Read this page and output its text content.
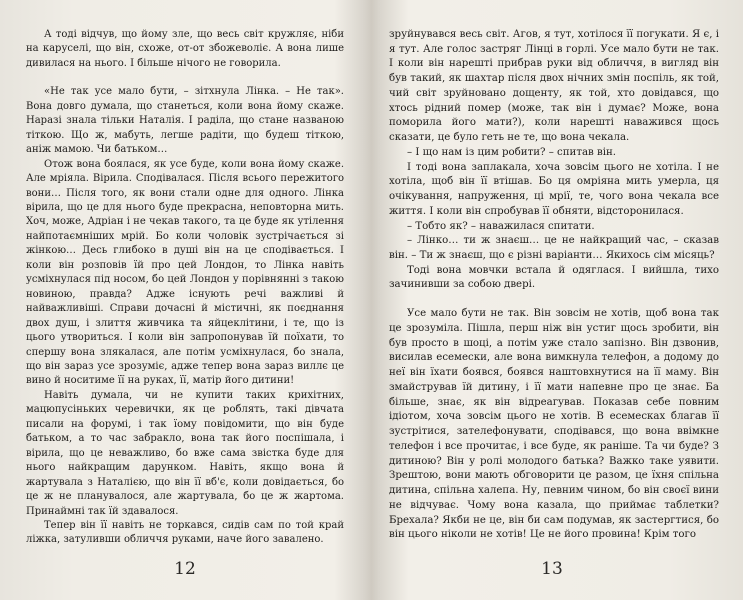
А тоді відчув, що йому зле, що весь світ кружляє, ніби на каруселі, що він, схоже, от-от збожеволіє. А вона лише дивилася на нього. І більше нічого не говорила.

«Не так усе мало бути, – зітхнула Лінка. – Не так». Вона довго думала, що станеться, коли вона йому скаже. Наразі знала тільки Наталія. І раділа, що стане названою тіткою. Що ж, мабуть, легше радіти, що будеш тіткою, аніж мамою. Чи батьком…

Отож вона боялася, як усе буде, коли вона йому скаже. Але мріяла. Вірила. Сподівалася. Після всього пережитого вони… Після того, як вони стали одне для одного. Лінка вірила, що це для нього буде прекрасна, неповторна мить. Хоч, може, Адріан і не чекав такого, та це буде як утілення найпотаємніших мрій. Бо коли чоловік зустрічається зі жінкою… Десь глибоко в душі він на це сподівається. І коли він розповів їй про цей Лондон, то Лінка навіть усміхнулася під носом, бо цей Лондон у порівнянні з такою новиною, правда? Адже існують речі важливі й найважливіші. Справи дочасні й містичні, як поєднання двох душ, і злиття живчика та яйцеклітини, і те, що із цього утвориться. І коли він запропонував їй поїхати, то спершу вона злякалася, але потім усміхнулася, бо знала, що він зараз усе зрозуміє, адже тепер вона зараз виллє це вино й носитиме її на руках, її, матір його дитини!

Навіть думала, чи не купити таких крихітних, мацюпусіньких черевички, як це роблять, такі дівчата писали на форумі, і так їому повідомити, що він буде батьком, а то час забракло, вона так його поспішала, і вірила, що це неважливо, бо вже сама звістка буде для нього найкращим дарунком. Навіть, якщо вона й жартувала з Наталією, що він її вб'є, коли довідається, бо це ж не планувалося, але жартувала, бо це ж жартома. Принаймні так їй здавалося.

Тепер він її навіть не торкався, сидів сам по той край ліжка, затуливши обличчя руками, наче його завалено.

12

зруйнувався весь світ. Агов, я тут, хотілося її погукати. Я є, і я тут. Але голос застряг Лінці в горлі. Усе мало бути не так. І коли він нарешті прибрав руки від обличчя, в вигляд він був такий, як шахтар після двох нічних змін поспіль, як той, чий світ зруйновано дощенту, як той, хто довідався, що хтось рідний помер (може, так він і думає? Може, вона поморила його мати?), коли нарешті наважився щось сказати, це було геть не те, що вона чекала.

– І що нам із цим робити? – спитав він.

І тоді вона заплакала, хоча зовсім цього не хотіла. І не хотіла, щоб він її втішав. Бо ця омріяна мить умерла, ця очікування, напруження, ці мрії, те, чого вона чекала все життя. І коли він спробував її обняти, відсторонилася.

– Тобто як? – наважилася спитати.

– Лінко… ти ж знаєш… це не найкращий час, – сказав він. – Ти ж знаєш, що є різні варіанти… Якихось сім місяць?

Тоді вона мовчки встала й одяглася. І вийшла, тихо зачинивши за собою двері.

Усе мало бути не так. Він зовсім не хотів, щоб вона так це зрозуміла. Пішла, перш ніж він устиг щось зробити, він був просто в шоці, а потім уже стало запізно. Він дзвонив, висилав есемески, але вона вимкнула телефон, а додому до неї він їхати боявся, боявся наштовхнутися на її маму. Він змайстрував їй дитину, і її мати напевне про це знає. Ба більше, знає, як він відреагував. Показав себе повним ідіотом, хоча зовсім цього не хотів. В есемесках благав її зустрітися, зателефонувати, сподівався, що вона ввімкне телефон і все прочитає, і все буде, як раніше. Та чи буде? З дитиною? Він у ролі молодого батька? Важко таке уявити. Зрештою, вони мають обговорити це разом, це їхня спільна дитина, спільна халепа. Ну, певним чином, бо він своєї вини не відчуває. Чому вона казала, що приймає таблетки? Брехала? Якби не це, він би сам подумав, як застергтися, бо він цього ніколи не хотів! Це не його провина! Крім того

13
